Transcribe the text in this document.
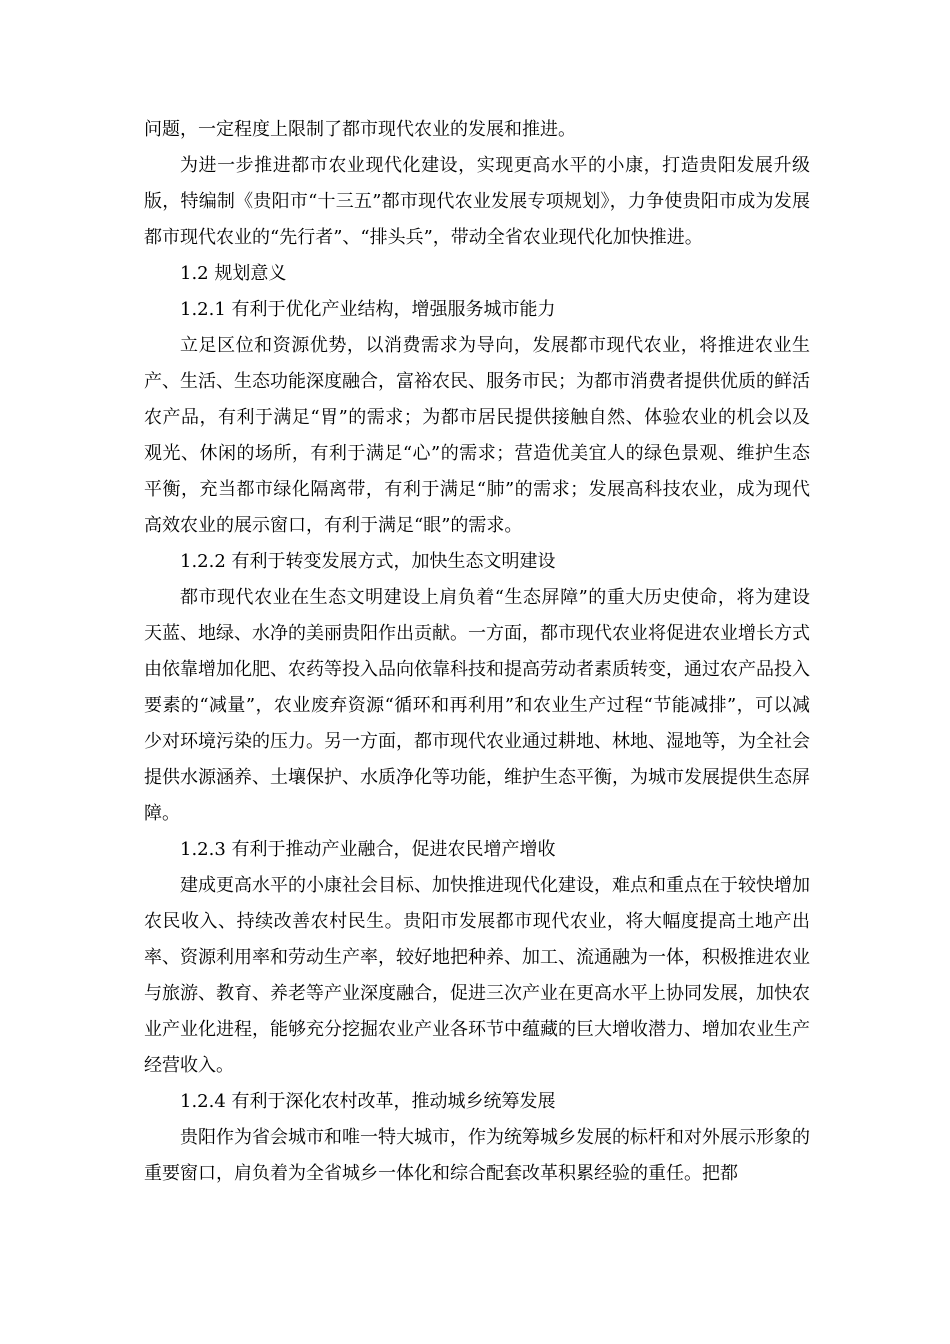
问题，一定程度上限制了都市现代农业的发展和推进。

为进一步推进都市农业现代化建设，实现更高水平的小康，打造贵阳发展升级版，特编制《贵阳市“十三五”都市现代农业发展专项规划》，力争使贵阳市成为发展都市现代农业的“先行者”、“排头兵”，带动全省农业现代化加快推进。

1.2 规划意义

1.2.1 有利于优化产业结构，增强服务城市能力

立足区位和资源优势，以消费需求为导向，发展都市现代农业，将推进农业生产、生活、生态功能深度融合，富裕农民、服务市民；为都市消费者提供优质的鲜活农产品，有利于满足“胃”的需求；为都市居民提供接触自然、体验农业的机会以及观光、休闲的场所，有利于满足“心”的需求；营造优美宜人的绿色景观、维护生态平衡，充当都市绿化隔离带，有利于满足“肺”的需求；发展高科技农业，成为现代高效农业的展示窗口，有利于满足“眼”的需求。

1.2.2 有利于转变发展方式，加快生态文明建设

都市现代农业在生态文明建设上肩负着“生态屏障”的重大历史使命，将为建设天蓝、地绿、水净的美丽贵阳作出贡献。一方面，都市现代农业将促进农业增长方式由依靠增加化肥、农药等投入品向依靠科技和提高劳动者素质转变，通过农产品投入要素的“减量”，农业废弃资源“循环和再利用”和农业生产过程“节能减排”，可以减少对环境污染的压力。另一方面，都市现代农业通过耕地、林地、湿地等，为全社会提供水源涵养、土壤保护、水质净化等功能，维护生态平衡，为城市发展提供生态屏障。

1.2.3 有利于推动产业融合，促进农民增产增收

建成更高水平的小康社会目标、加快推进现代化建设，难点和重点在于较快增加农民收入、持续改善农村民生。贵阳市发展都市现代农业，将大幅度提高土地产出率、资源利用率和劳动生产率，较好地把种养、加工、流通融为一体，积极推进农业与旅游、教育、养老等产业深度融合，促进三次产业在更高水平上协同发展，加快农业产业化进程，能够充分挖掘农业产业各环节中蕴藏的巨大增收潜力、增加农业生产经营收入。

1.2.4 有利于深化农村改革，推动城乡统筹发展

贵阳作为省会城市和唯一特大城市，作为统筹城乡发展的标杆和对外展示形象的重要窗口，肩负着为全省城乡一体化和综合配套改革积累经验的重任。把都
